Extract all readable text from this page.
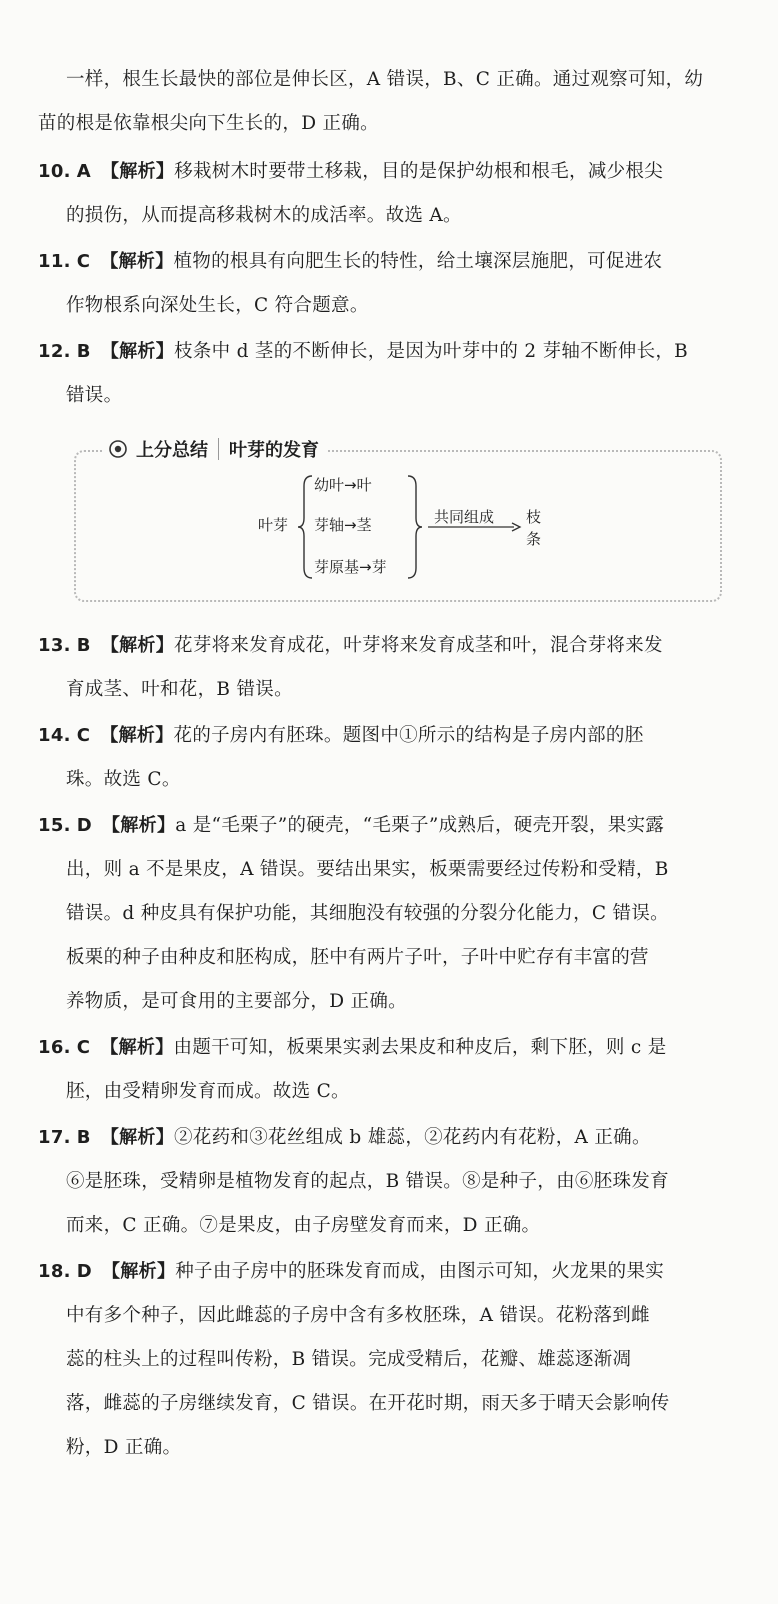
一样，根生长最快的部位是伸长区，A 错误，B、C 正确。通过观察可知，幼
苗的根是依靠根尖向下生长的，D 正确。
10. A 【解析】移栽树木时要带土移栽，目的是保护幼根和根毛，减少根尖
的损伤，从而提高移栽树木的成活率。故选 A。
11. C 【解析】植物的根具有向肥生长的特性，给土壤深层施肥，可促进农
作物根系向深处生长，C 符合题意。
12. B 【解析】枝条中 d 茎的不断伸长，是因为叶芽中的 2 芽轴不断伸长，B
错误。
上分总结 叶芽的发育
叶芽
幼叶→叶
芽轴→茎
芽原基→芽
共同组成 枝
条
13. B 【解析】花芽将来发育成花，叶芽将来发育成茎和叶，混合芽将来发
育成茎、叶和花，B 错误。
14. C 【解析】花的子房内有胚珠。题图中①所示的结构是子房内部的胚
珠。故选 C。
15. D 【解析】a 是“毛栗子”的硬壳，“毛栗子”成熟后，硬壳开裂，果实露
出，则 a 不是果皮，A 错误。要结出果实，板栗需要经过传粉和受精，B
错误。d 种皮具有保护功能，其细胞没有较强的分裂分化能力，C 错误。
板栗的种子由种皮和胚构成，胚中有两片子叶，子叶中贮存有丰富的营
养物质，是可食用的主要部分，D 正确。
16. C 【解析】由题干可知，板栗果实剥去果皮和种皮后，剩下胚，则 c 是
胚，由受精卵发育而成。故选 C。
17. B 【解析】②花药和③花丝组成 b 雄蕊，②花药内有花粉，A 正确。
⑥是胚珠，受精卵是植物发育的起点，B 错误。⑧是种子，由⑥胚珠发育
而来，C 正确。⑦是果皮，由子房壁发育而来，D 正确。
18. D 【解析】种子由子房中的胚珠发育而成，由图示可知，火龙果的果实
中有多个种子，因此雌蕊的子房中含有多枚胚珠，A 错误。花粉落到雌
蕊的柱头上的过程叫传粉，B 错误。完成受精后，花瓣、雄蕊逐渐凋
落，雌蕊的子房继续发育，C 错误。在开花时期，雨天多于晴天会影响传
粉，D 正确。
